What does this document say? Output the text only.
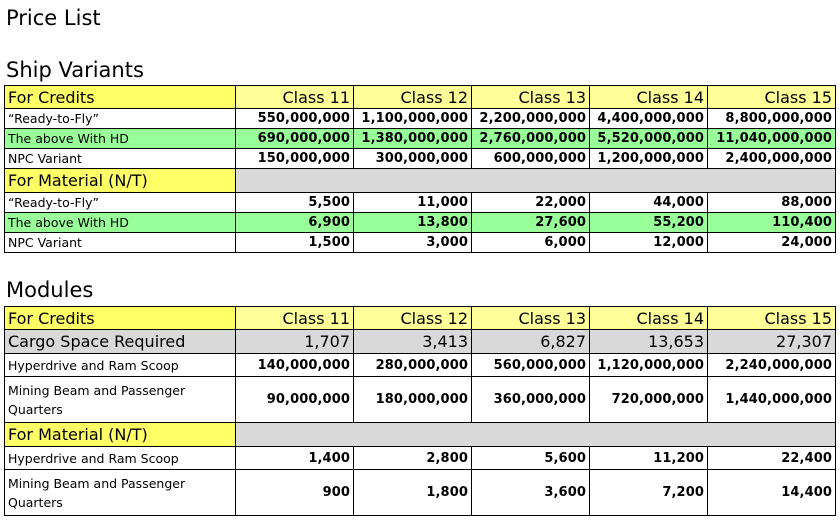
Price List
Ship Variants
For Credits	Class 11	Class 12	Class 13	Class 14	Class 15
“Ready-to-Fly”	550,000,000	1,100,000,000	2,200,000,000	4,400,000,000	8,800,000,000
The above With HD	690,000,000	1,380,000,000	2,760,000,000	5,520,000,000	11,040,000,000
NPC Variant	150,000,000	300,000,000	600,000,000	1,200,000,000	2,400,000,000
For Material (N/T)					
“Ready-to-Fly”	5,500	11,000	22,000	44,000	88,000
The above With HD	6,900	13,800	27,600	55,200	110,400
NPC Variant	1,500	3,000	6,000	12,000	24,000
Modules
For Credits	Class 11	Class 12	Class 13	Class 14	Class 15
Cargo Space Required	1,707	3,413	6,827	13,653	27,307
Hyperdrive and Ram Scoop	140,000,000	280,000,000	560,000,000	1,120,000,000	2,240,000,000
Mining Beam and Passenger Quarters	90,000,000	180,000,000	360,000,000	720,000,000	1,440,000,000
For Material (N/T)					
Hyperdrive and Ram Scoop	1,400	2,800	5,600	11,200	22,400
Mining Beam and Passenger Quarters	900	1,800	3,600	7,200	14,400
